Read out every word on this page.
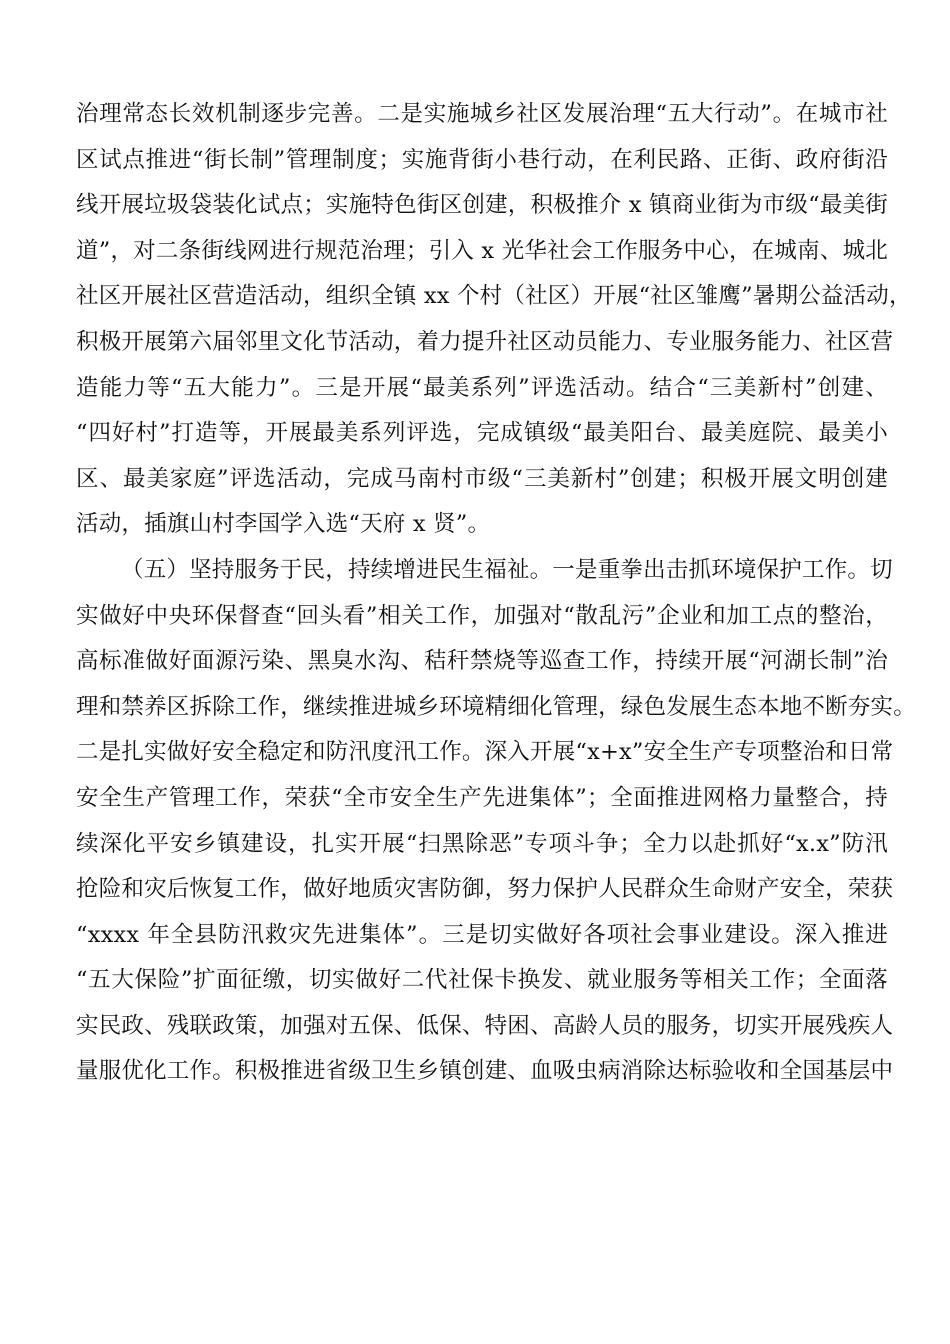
治理常态长效机制逐步完善。二是实施城乡社区发展治理“五大行动”。在城市社
区试点推进“街长制”管理制度；实施背街小巷行动，在利民路、正街、政府街沿
线开展垃圾袋装化试点；实施特色街区创建，积极推介 x 镇商业街为市级“最美街
道”，对二条街线网进行规范治理；引入 x 光华社会工作服务中心，在城南、城北
社区开展社区营造活动，组织全镇 xx 个村（社区）开展“社区雏鹰”暑期公益活动，
积极开展第六届邻里文化节活动，着力提升社区动员能力、专业服务能力、社区营
造能力等“五大能力”。三是开展“最美系列”评选活动。结合“三美新村”创建、
“四好村”打造等，开展最美系列评选，完成镇级“最美阳台、最美庭院、最美小
区、最美家庭”评选活动，完成马南村市级“三美新村”创建；积极开展文明创建
活动，插旗山村李国学入选“天府 x 贤”。
（五）坚持服务于民，持续增进民生福祉。一是重拳出击抓环境保护工作。切
实做好中央环保督查“回头看”相关工作，加强对“散乱污”企业和加工点的整治，
高标准做好面源污染、黑臭水沟、秸秆禁烧等巡查工作，持续开展“河湖长制”治
理和禁养区拆除工作，继续推进城乡环境精细化管理，绿色发展生态本地不断夯实。
二是扎实做好安全稳定和防汛度汛工作。深入开展“x+x”安全生产专项整治和日常
安全生产管理工作，荣获“全市安全生产先进集体”；全面推进网格力量整合，持
续深化平安乡镇建设，扎实开展“扫黑除恶”专项斗争；全力以赴抓好“x.x”防汛
抢险和灾后恢复工作，做好地质灾害防御，努力保护人民群众生命财产安全，荣获
“xxxx 年全县防汛救灾先进集体”。三是切实做好各项社会事业建设。深入推进
“五大保险”扩面征缴，切实做好二代社保卡换发、就业服务等相关工作；全面落
实民政、残联政策，加强对五保、低保、特困、高龄人员的服务，切实开展残疾人
量服优化工作。积极推进省级卫生乡镇创建、血吸虫病消除达标验收和全国基层中
